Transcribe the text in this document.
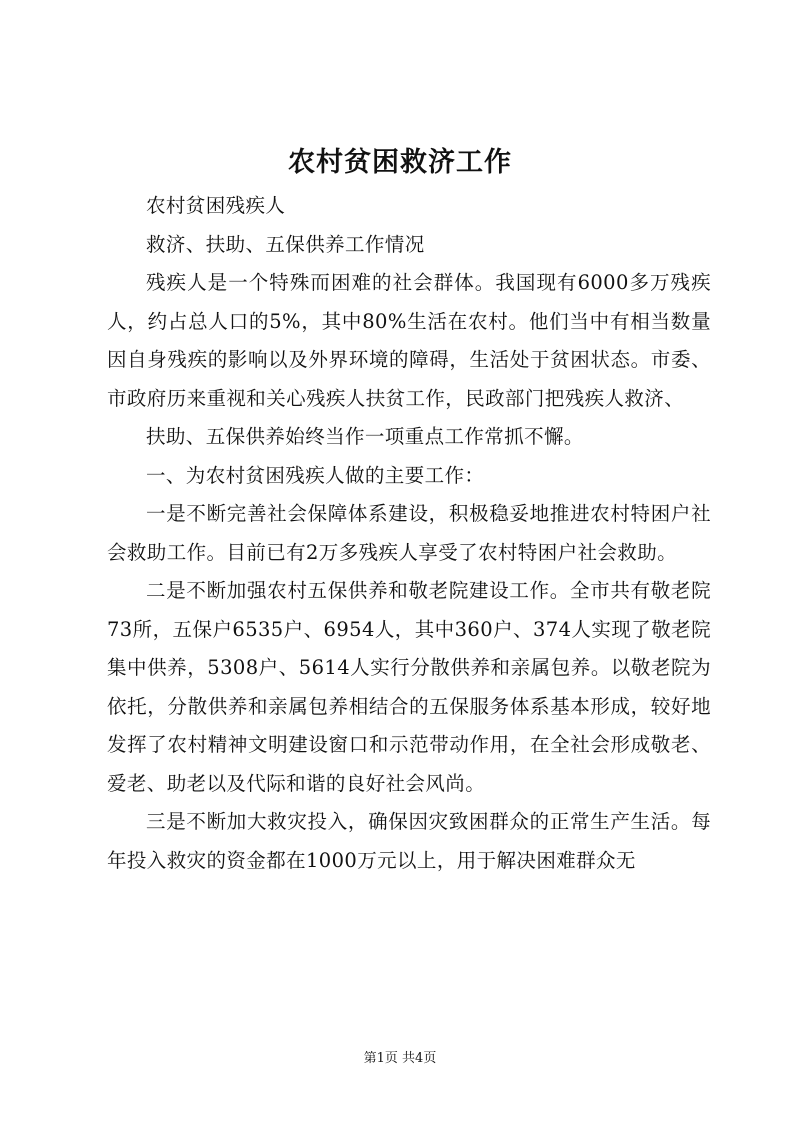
农村贫困救济工作

农村贫困残疾人

救济、扶助、五保供养工作情况

残疾人是一个特殊而困难的社会群体。我国现有6000多万残疾人，约占总人口的5%，其中80%生活在农村。他们当中有相当数量因自身残疾的影响以及外界环境的障碍，生活处于贫困状态。市委、市政府历来重视和关心残疾人扶贫工作，民政部门把残疾人救济、

扶助、五保供养始终当作一项重点工作常抓不懈。

一、为农村贫困残疾人做的主要工作：

一是不断完善社会保障体系建设，积极稳妥地推进农村特困户社会救助工作。目前已有2万多残疾人享受了农村特困户社会救助。

二是不断加强农村五保供养和敬老院建设工作。全市共有敬老院73所，五保户6535户、6954人，其中360户、374人实现了敬老院集中供养，5308户、5614人实行分散供养和亲属包养。以敬老院为依托，分散供养和亲属包养相结合的五保服务体系基本形成，较好地发挥了农村精神文明建设窗口和示范带动作用，在全社会形成敬老、爱老、助老以及代际和谐的良好社会风尚。

三是不断加大救灾投入，确保因灾致困群众的正常生产生活。每年投入救灾的资金都在1000万元以上，用于解决困难群众无

第1页 共4页
